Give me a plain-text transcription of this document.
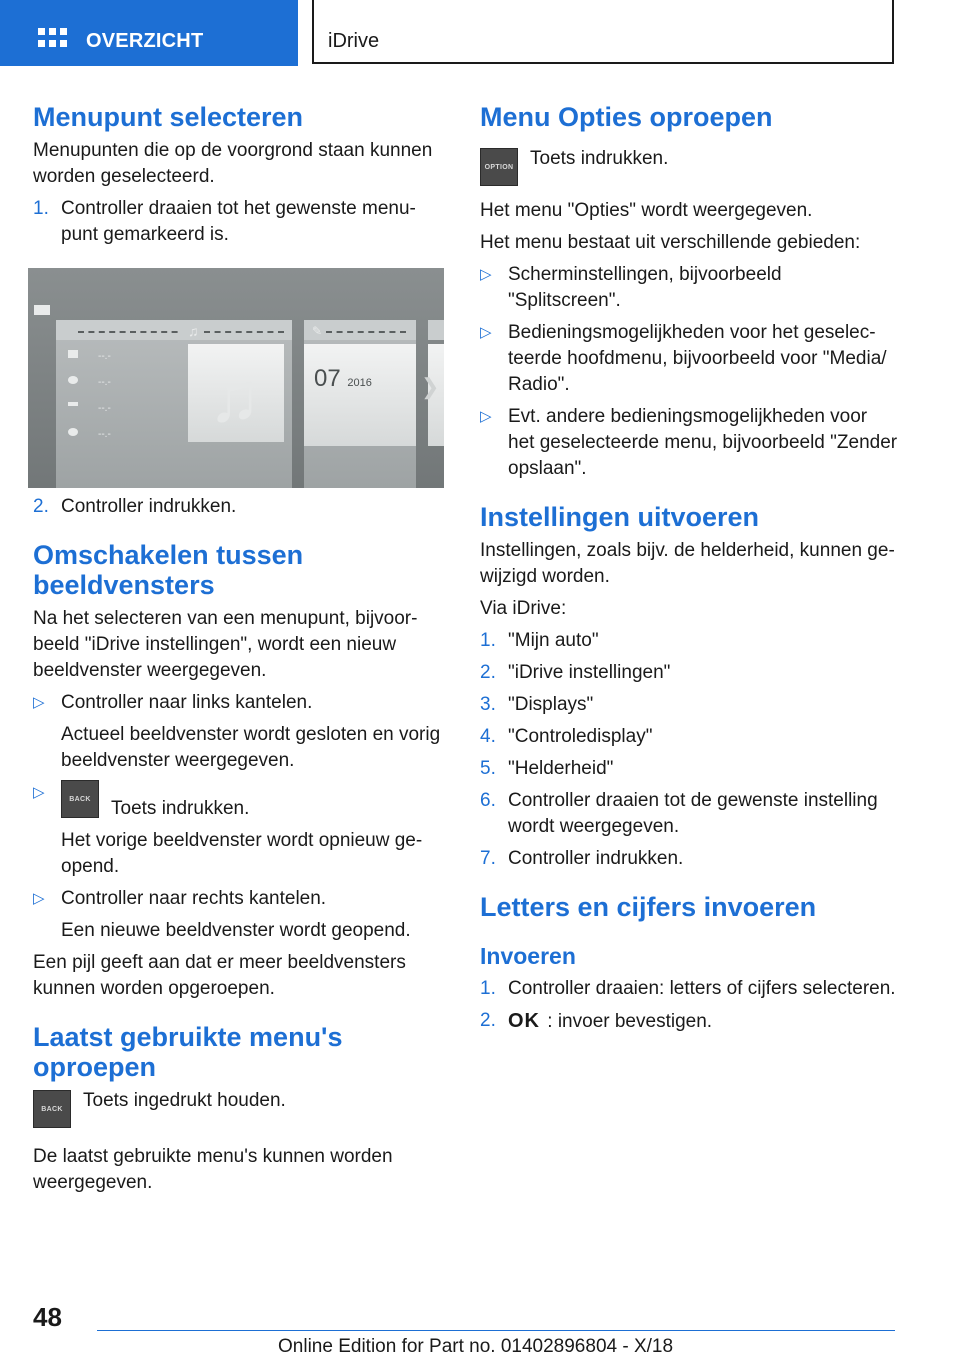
OVERZICHT	iDrive
Menupunt selecteren

Menupunten die op de voorgrond staan kunnen worden geselecteerd.

1. Controller draaien tot het gewenste menupunt gemarkeerd is.
--.-
--.-
--.-
--.-
♫
♫
✎
07 2016 ❯
2. Controller indrukken.
Omschakelen tussen beeldvensters

Na het selecteren van een menupunt, bijvoorbeeld "iDrive instellingen", wordt een nieuw beeldvenster weergegeven.

▷ Controller naar links kantelen.

Actueel beeldvenster wordt gesloten en vorig beeldvenster weergegeven.

▷	BACK	Toets indrukken.

Het vorige beeldvenster wordt opnieuw geopend.

▷ Controller naar rechts kantelen.

Een nieuwe beeldvenster wordt geopend.

Een pijl geeft aan dat er meer beeldvensters kunnen worden opgeroepen.

Laatst gebruikte menu's oproepen
BACK	Toets ingedrukt houden.

De laatst gebruikte menu's kunnen worden weergegeven.

Menu Opties oproepen
OPTION Toets indrukken.

Het menu "Opties" wordt weergegeven.

Het menu bestaat uit verschillende gebieden:

▷ Scherminstellingen, bijvoorbeeld "Splitscreen".
▷ Bedieningsmogelijkheden voor het geselecteerde hoofdmenu, bijvoorbeeld voor "Media/ Radio".
▷ Evt. andere bedieningsmogelijkheden voor het geselecteerde menu, bijvoorbeeld "Zender opslaan".
Instellingen uitvoeren

Instellingen, zoals bijv. de helderheid, kunnen gewijzigd worden.

Via iDrive:

1. "Mijn auto"
2. "iDrive instellingen"
3. "Displays"
4. "Controledisplay"
5. "Helderheid"
6. Controller draaien tot de gewenste instelling wordt weergegeven.
7. Controller indrukken.
Letters en cijfers invoeren
Invoeren
1. Controller draaien: letters of cijfers selecteren.
2. OK : invoer bevestigen.
48
Online Edition for Part no. 01402896804 - X/18
